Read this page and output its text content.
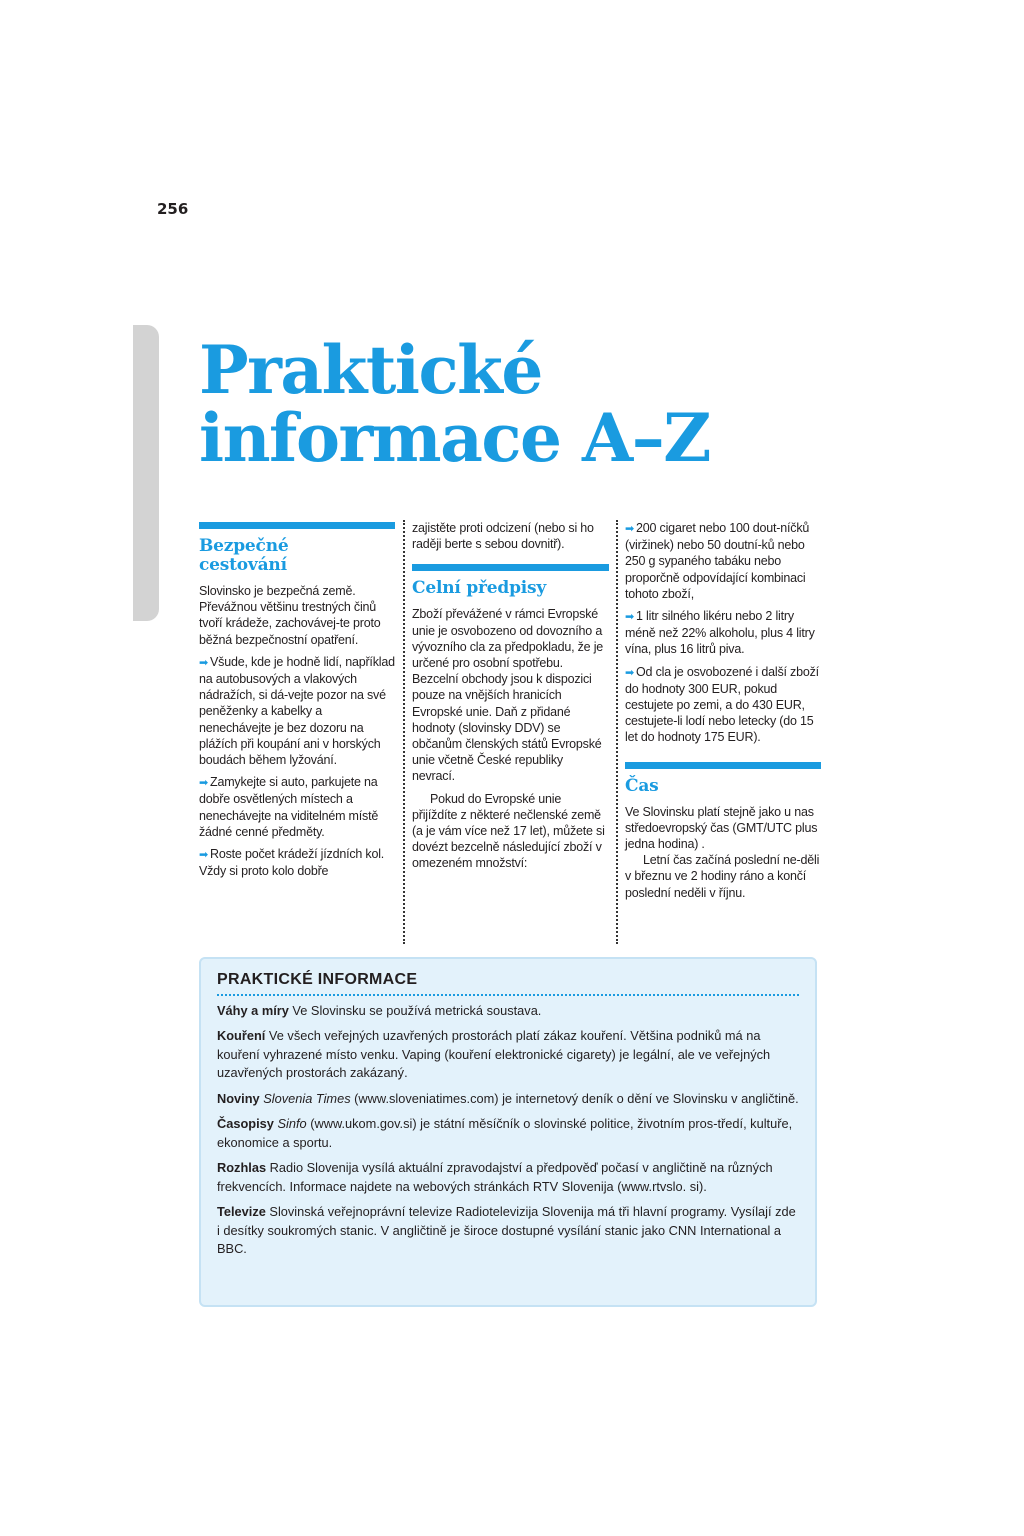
256
Praktické
informace A–Z
Bezpečné
cestování

Slovinsko je bezpečná země. Převážnou většinu trestných činů tvoří krádeže, zachovávej-te proto běžná bezpečnostní opatření.

➡ Všude, kde je hodně lidí, například na autobusových a vlakových nádražích, si dá-vejte pozor na své peněženky a kabelky a nenechávejte je bez dozoru na plážích při koupání ani v horských boudách během lyžování.

➡ Zamykejte si auto, parkujete na dobře osvětlených místech a nenechávejte na viditelném místě žádné cenné předměty.

➡ Roste počet krádeží jízdních kol. Vždy si proto kolo dobře

zajistěte proti odcizení (nebo si ho raději berte s sebou dovnitř).

Celní předpisy

Zboží převážené v rámci Evropské unie je osvobozeno od dovozního a vývozního cla za předpokladu, že je určené pro osobní spotřebu. Bezcelní obchody jsou k dispozici pouze na vnějších hranicích Evropské unie. Daň z přidané hodnoty (slovinsky DDV) se občanům členských států Evropské unie včetně České republiky nevrací.

Pokud do Evropské unie přijíždíte z některé nečlenské země (a je vám více než 17 let), můžete si dovézt bezcelně následující zboží v omezeném množství:

➡ 200 cigaret nebo 100 dout-níčků (viržinek) nebo 50 doutní-ků nebo 250 g sypaného tabáku nebo proporčně odpovídající kombinaci tohoto zboží,

➡ 1 litr silného likéru nebo 2 litry méně než 22% alkoholu, plus 4 litry vína, plus 16 litrů piva.

➡ Od cla je osvobozené i další zboží do hodnoty 300 EUR, pokud cestujete po zemi, a do 430 EUR, cestujete-li lodí nebo letecky (do 15 let do hodnoty 175 EUR).

Čas

Ve Slovinsku platí stejně jako u nas středoevropský čas (GMT/UTC plus jedna hodina) .

Letní čas začíná poslední ne-děli v březnu ve 2 hodiny ráno a končí poslední neděli v říjnu.

PRAKTICKÉ INFORMACE

Váhy a míry Ve Slovinsku se používá metrická soustava.

Kouření Ve všech veřejných uzavřených prostorách platí zákaz kouření. Většina podniků má na kouření vyhrazené místo venku. Vaping (kouření elektronické cigarety) je legální, ale ve veřejných uzavřených prostorách zakázaný.

Noviny Slovenia Times (www.sloveniatimes.com) je internetový deník o dění ve Slovinsku v angličtině.

Časopisy Sinfo (www.ukom.gov.si) je státní měsíčník o slovinské politice, životním pros-tředí, kultuře, ekonomice a sportu.

Rozhlas Radio Slovenija vysílá aktuální zpravodajství a předpověď počasí v angličtině na různých frekvencích. Informace najdete na webových stránkách RTV Slovenija (www.rtvslo. si).

Televize Slovinská veřejnoprávní televize Radiotelevizija Slovenija má tři hlavní programy. Vysílají zde i desítky soukromých stanic. V angličtině je široce dostupné vysílání stanic jako CNN International a BBC.
